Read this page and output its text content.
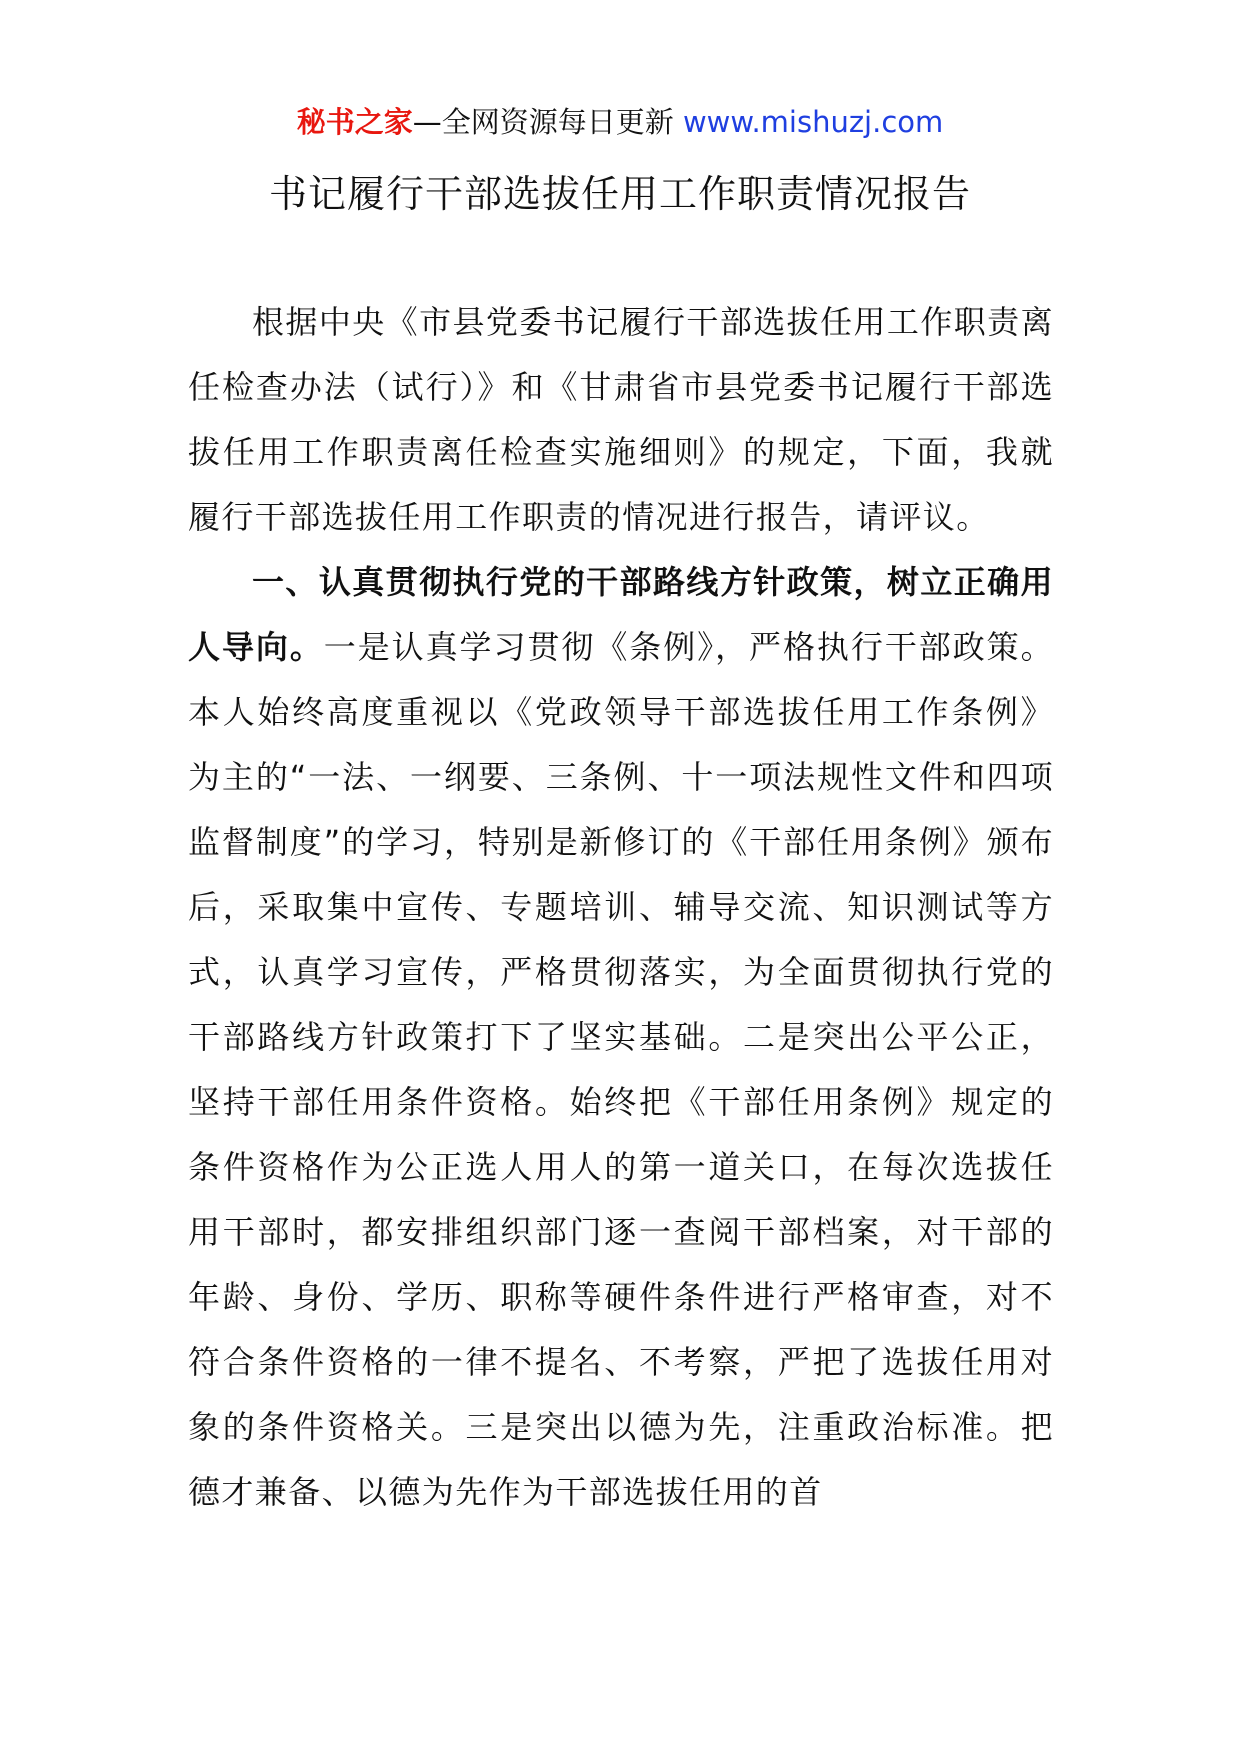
秘书之家—全网资源每日更新 www.mishuzj.com
书记履行干部选拔任用工作职责情况报告

根据中央《市县党委书记履行干部选拔任用工作职责离任检查办法（试行）》和《甘肃省市县党委书记履行干部选拔任用工作职责离任检查实施细则》的规定，下面，我就履行干部选拔任用工作职责的情况进行报告，请评议。

一、认真贯彻执行党的干部路线方针政策，树立正确用人导向。一是认真学习贯彻《条例》，严格执行干部政策。本人始终高度重视以《党政领导干部选拔任用工作条例》为主的“一法、一纲要、三条例、十一项法规性文件和四项监督制度”的学习，特别是新修订的《干部任用条例》颁布后，采取集中宣传、专题培训、辅导交流、知识测试等方式，认真学习宣传，严格贯彻落实，为全面贯彻执行党的干部路线方针政策打下了坚实基础。二是突出公平公正，坚持干部任用条件资格。始终把《干部任用条例》规定的条件资格作为公正选人用人的第一道关口，在每次选拔任用干部时，都安排组织部门逐一查阅干部档案，对干部的年龄、身份、学历、职称等硬件条件进行严格审查，对不符合条件资格的一律不提名、不考察，严把了选拔任用对象的条件资格关。三是突出以德为先，注重政治标准。把德才兼备、以德为先作为干部选拔任用的首
